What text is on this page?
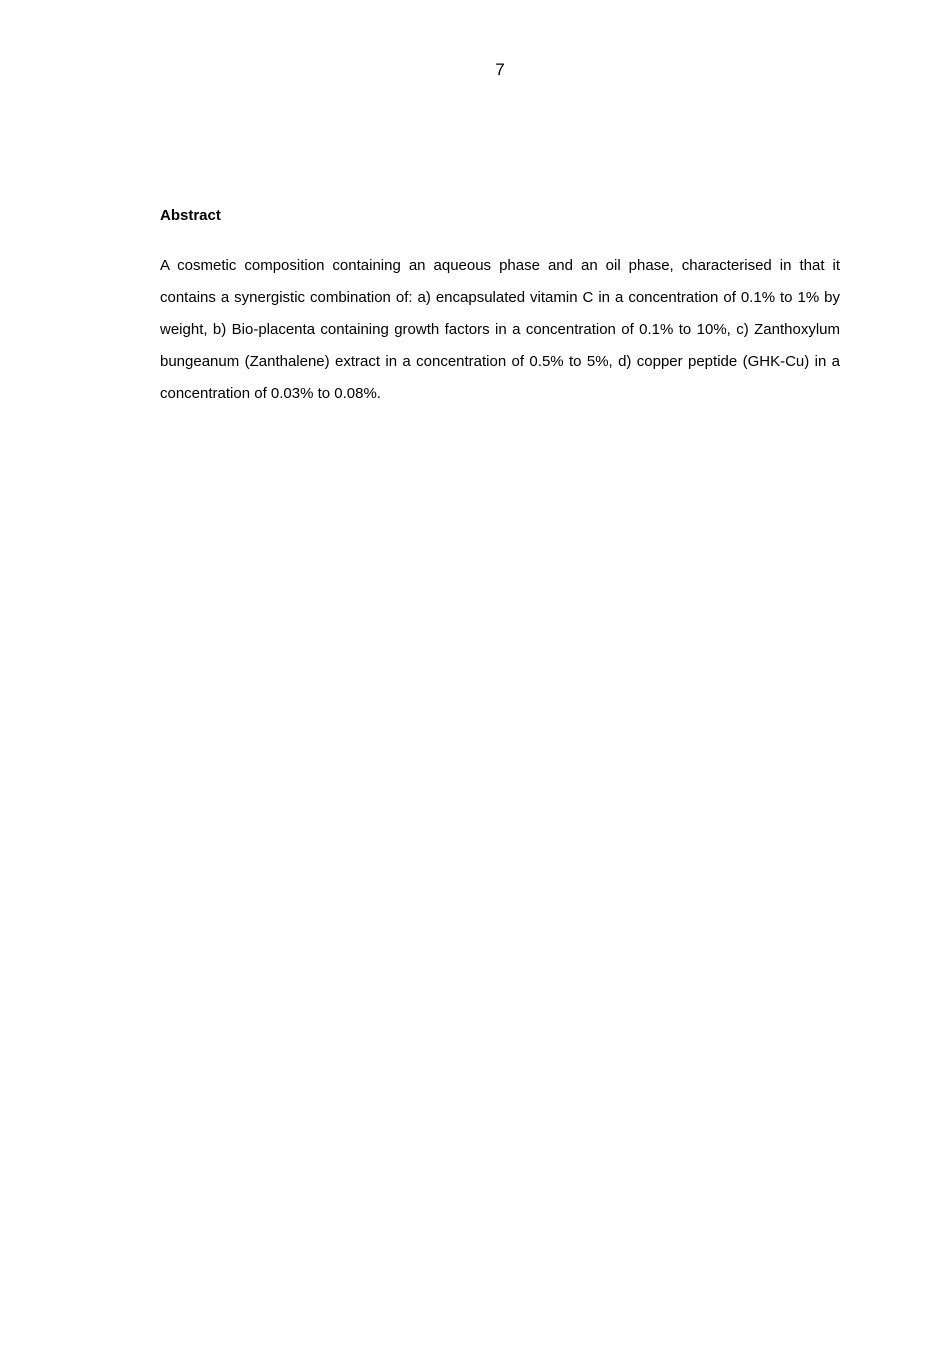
7
Abstract

A cosmetic composition containing an aqueous phase and an oil phase, characterised in that it contains a synergistic combination of: a) encapsulated vitamin C in a concentration of 0.1% to 1% by weight, b) Bio-placenta containing growth factors in a concentration of 0.1% to 10%, c) Zanthoxylum bungeanum (Zanthalene) extract in a concentration of 0.5% to 5%, d) copper peptide (GHK-Cu) in a concentration of 0.03% to 0.08%.
